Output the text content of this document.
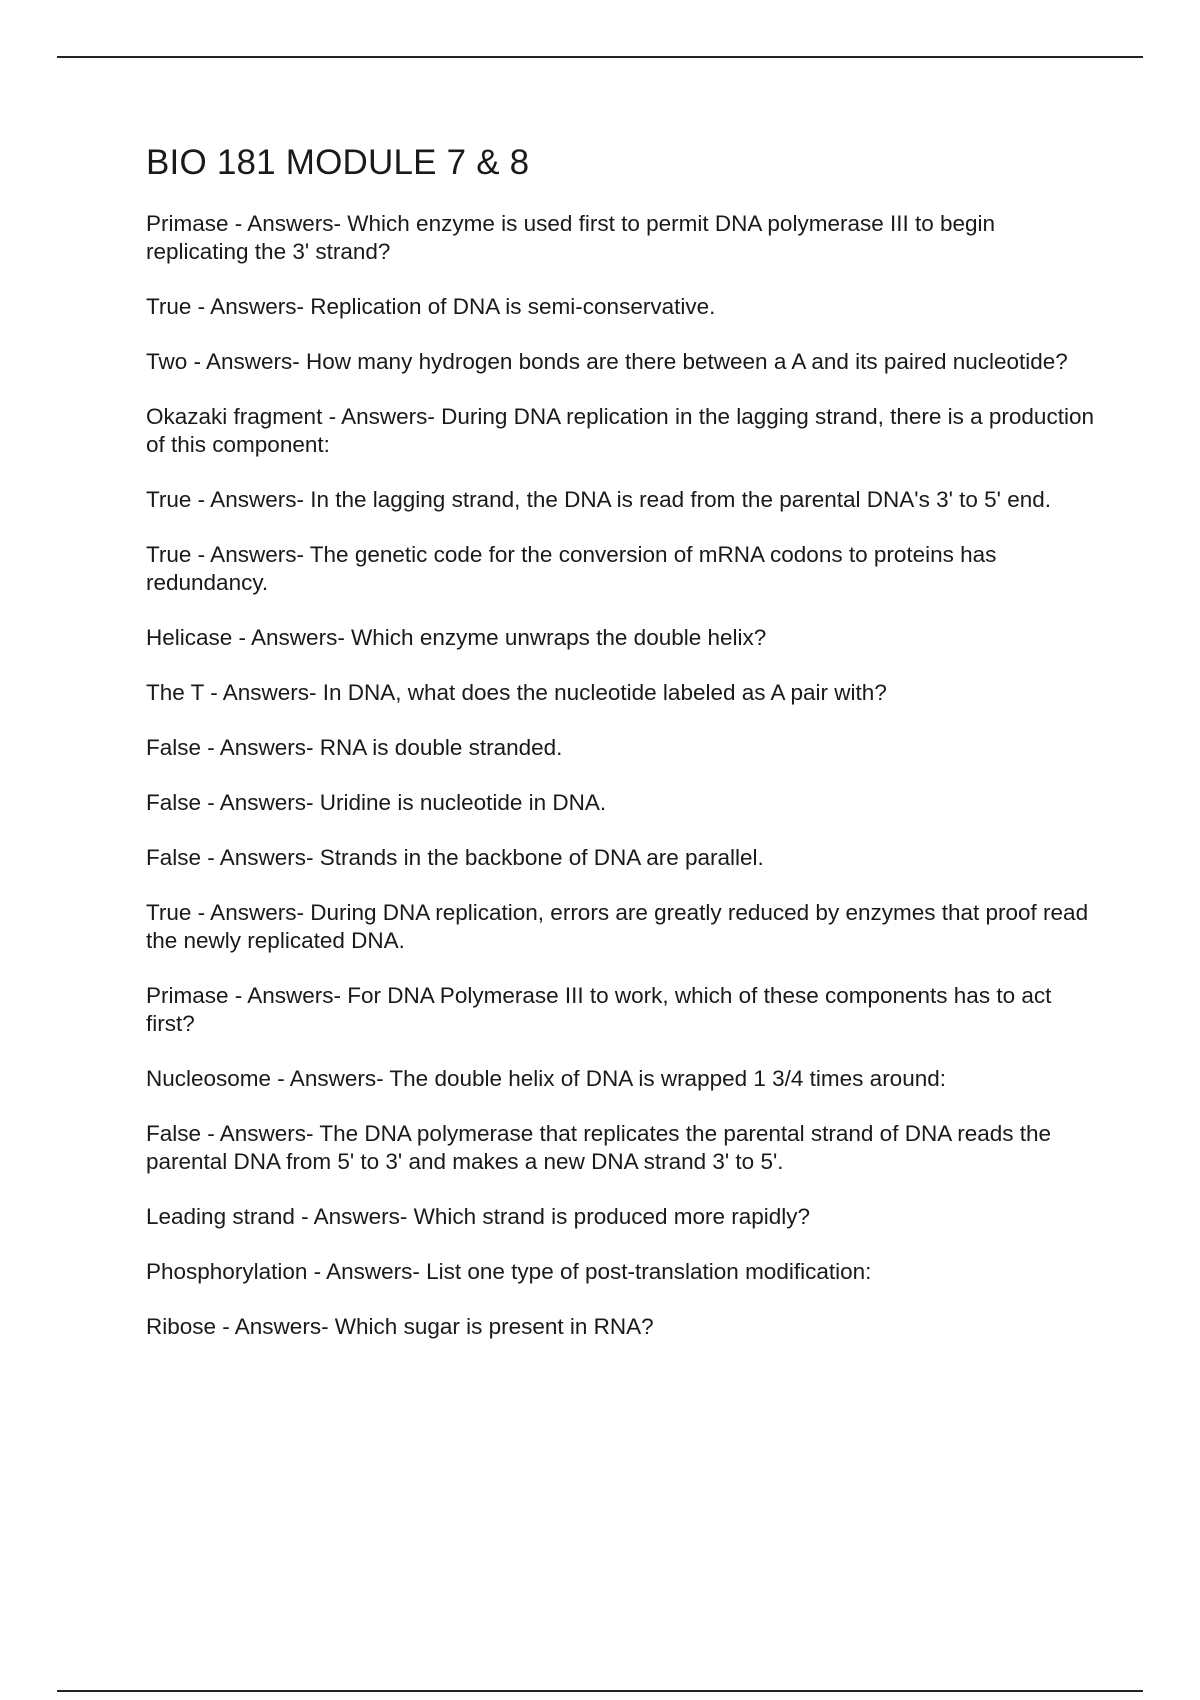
BIO 181 MODULE 7 & 8
Primase - Answers- Which enzyme is used first to permit DNA polymerase III to begin replicating the 3' strand?
True - Answers- Replication of DNA is semi-conservative.
Two - Answers- How many hydrogen bonds are there between a A and its paired nucleotide?
Okazaki fragment - Answers- During DNA replication in the lagging strand, there is a production of this component:
True - Answers- In the lagging strand, the DNA is read from the parental DNA's 3' to 5' end.
True - Answers- The genetic code for the conversion of mRNA codons to proteins has redundancy.
Helicase - Answers- Which enzyme unwraps the double helix?
The T - Answers- In DNA, what does the nucleotide labeled as A pair with?
False - Answers- RNA is double stranded.
False - Answers- Uridine is nucleotide in DNA.
False - Answers- Strands in the backbone of DNA are parallel.
True - Answers- During DNA replication, errors are greatly reduced by enzymes that proof read the newly replicated DNA.
Primase - Answers- For DNA Polymerase III to work, which of these components has to act first?
Nucleosome - Answers- The double helix of DNA is wrapped 1 3/4 times around:
False - Answers- The DNA polymerase that replicates the parental strand of DNA reads the parental DNA from 5' to 3' and makes a new DNA strand 3' to 5'.
Leading strand - Answers- Which strand is produced more rapidly?
Phosphorylation - Answers- List one type of post-translation modification:
Ribose - Answers- Which sugar is present in RNA?
